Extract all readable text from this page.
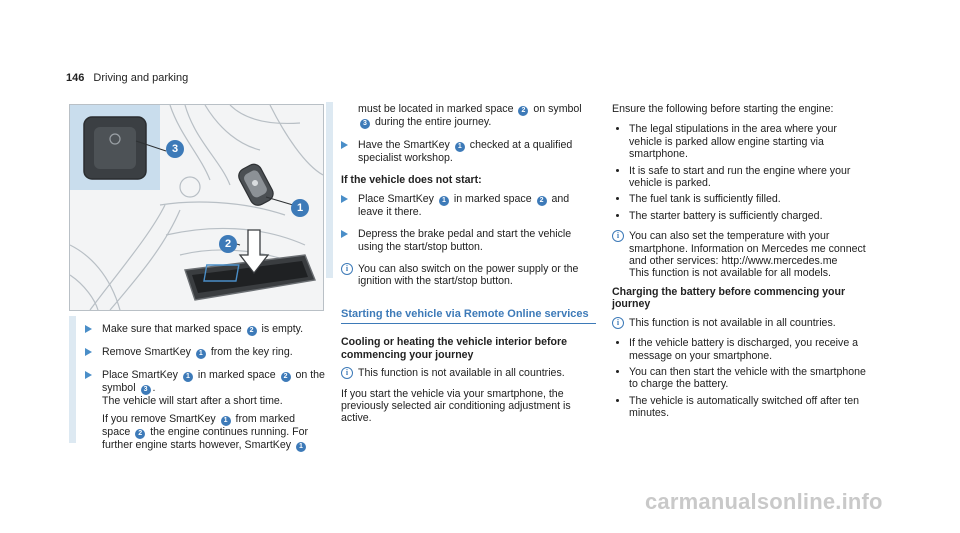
146 Driving and parking
3
1
2
Make sure that marked space 2 is empty.
Remove SmartKey 1 from the key ring.
Place SmartKey 1 in marked space 2 on the symbol 3 .
The vehicle will start after a short time.
If you remove SmartKey 1 from marked space 2 the engine continues running. For further engine starts however, SmartKey 1
must be located in marked space 2 on symbol 3 during the entire journey.
Have the SmartKey 1 checked at a qualified specialist workshop.
If the vehicle does not start:
Place SmartKey 1 in marked space 2 and leave it there.
Depress the brake pedal and start the vehicle using the start/stop button.
i You can also switch on the power supply or the ignition with the start/stop button.
Starting the vehicle via Remote Online services
Cooling or heating the vehicle interior before commencing your journey
i This function is not available in all countries.
If you start the vehicle via your smartphone, the previously selected air conditioning adjustment is active.
Ensure the following before starting the engine:
The legal stipulations in the area where your vehicle is parked allow engine starting via smartphone.
It is safe to start and run the engine where your vehicle is parked.
The fuel tank is sufficiently filled.
The starter battery is sufficiently charged.
i You can also set the temperature with your smartphone. Information on Mercedes me connect and other services: http://www.mercedes.me
This function is not available for all models.
Charging the battery before commencing your journey
i This function is not available in all countries.
If the vehicle battery is discharged, you receive a message on your smartphone.
You can then start the vehicle with the smartphone to charge the battery.
The vehicle is automatically switched off after ten minutes.
carmanualsonline.info
